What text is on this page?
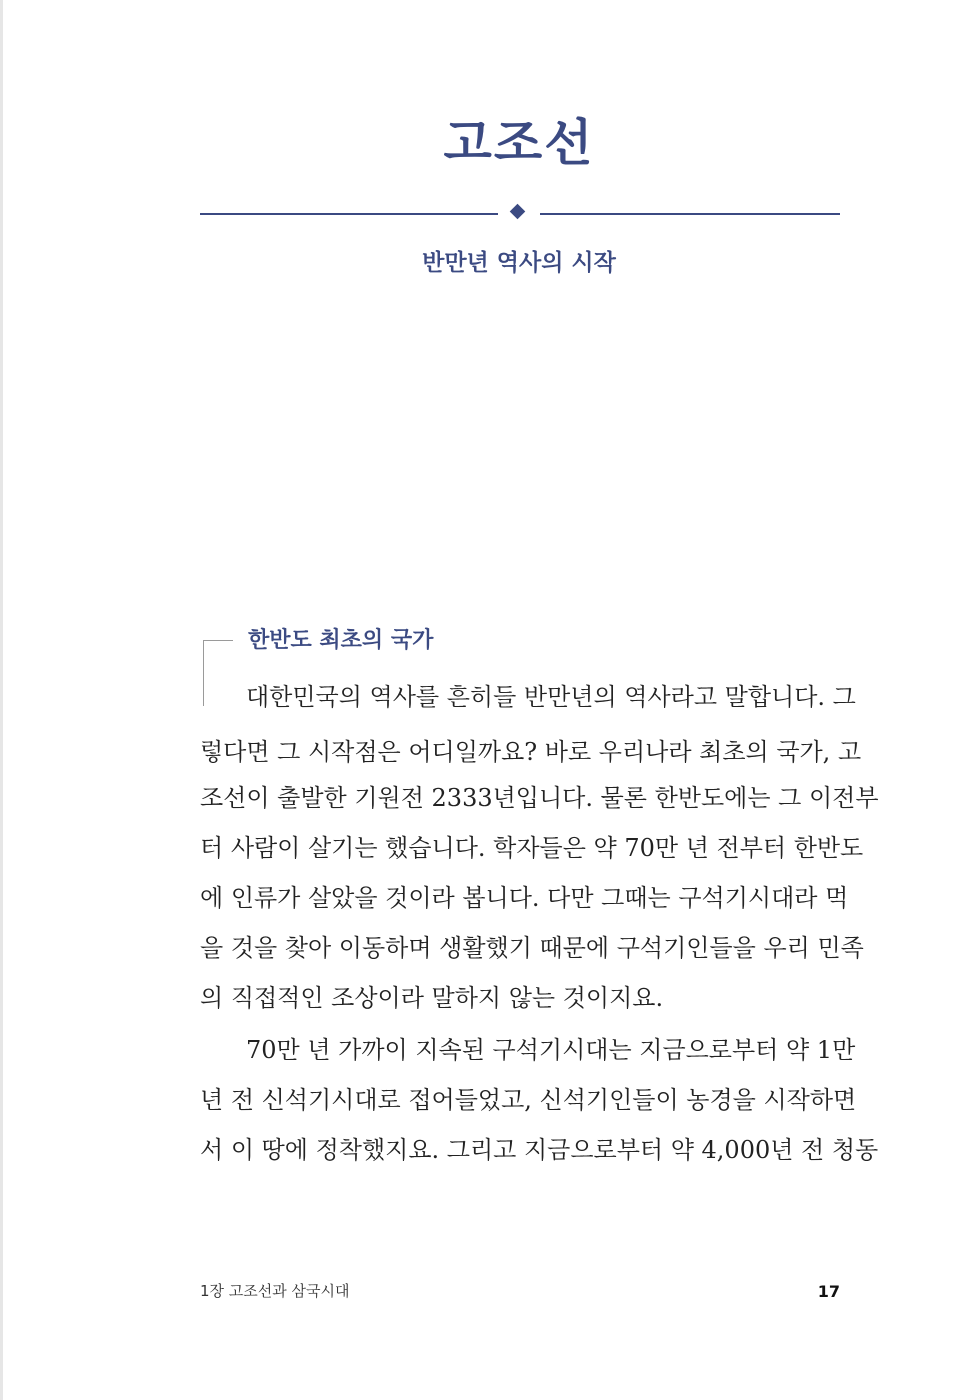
고조선
반만년 역사의 시작
한반도 최초의 국가
대한민국의 역사를 흔히들 반만년의 역사라고 말합니다. 그
렇다면 그 시작점은 어디일까요? 바로 우리나라 최초의 국가, 고
조선이 출발한 기원전 2333년입니다. 물론 한반도에는 그 이전부
터 사람이 살기는 했습니다. 학자들은 약 70만 년 전부터 한반도
에 인류가 살았을 것이라 봅니다. 다만 그때는 구석기시대라 먹
을 것을 찾아 이동하며 생활했기 때문에 구석기인들을 우리 민족
의 직접적인 조상이라 말하지 않는 것이지요.
70만 년 가까이 지속된 구석기시대는 지금으로부터 약 1만
년 전 신석기시대로 접어들었고, 신석기인들이 농경을 시작하면
서 이 땅에 정착했지요. 그리고 지금으로부터 약 4,000년 전 청동
1장 고조선과 삼국시대	17
